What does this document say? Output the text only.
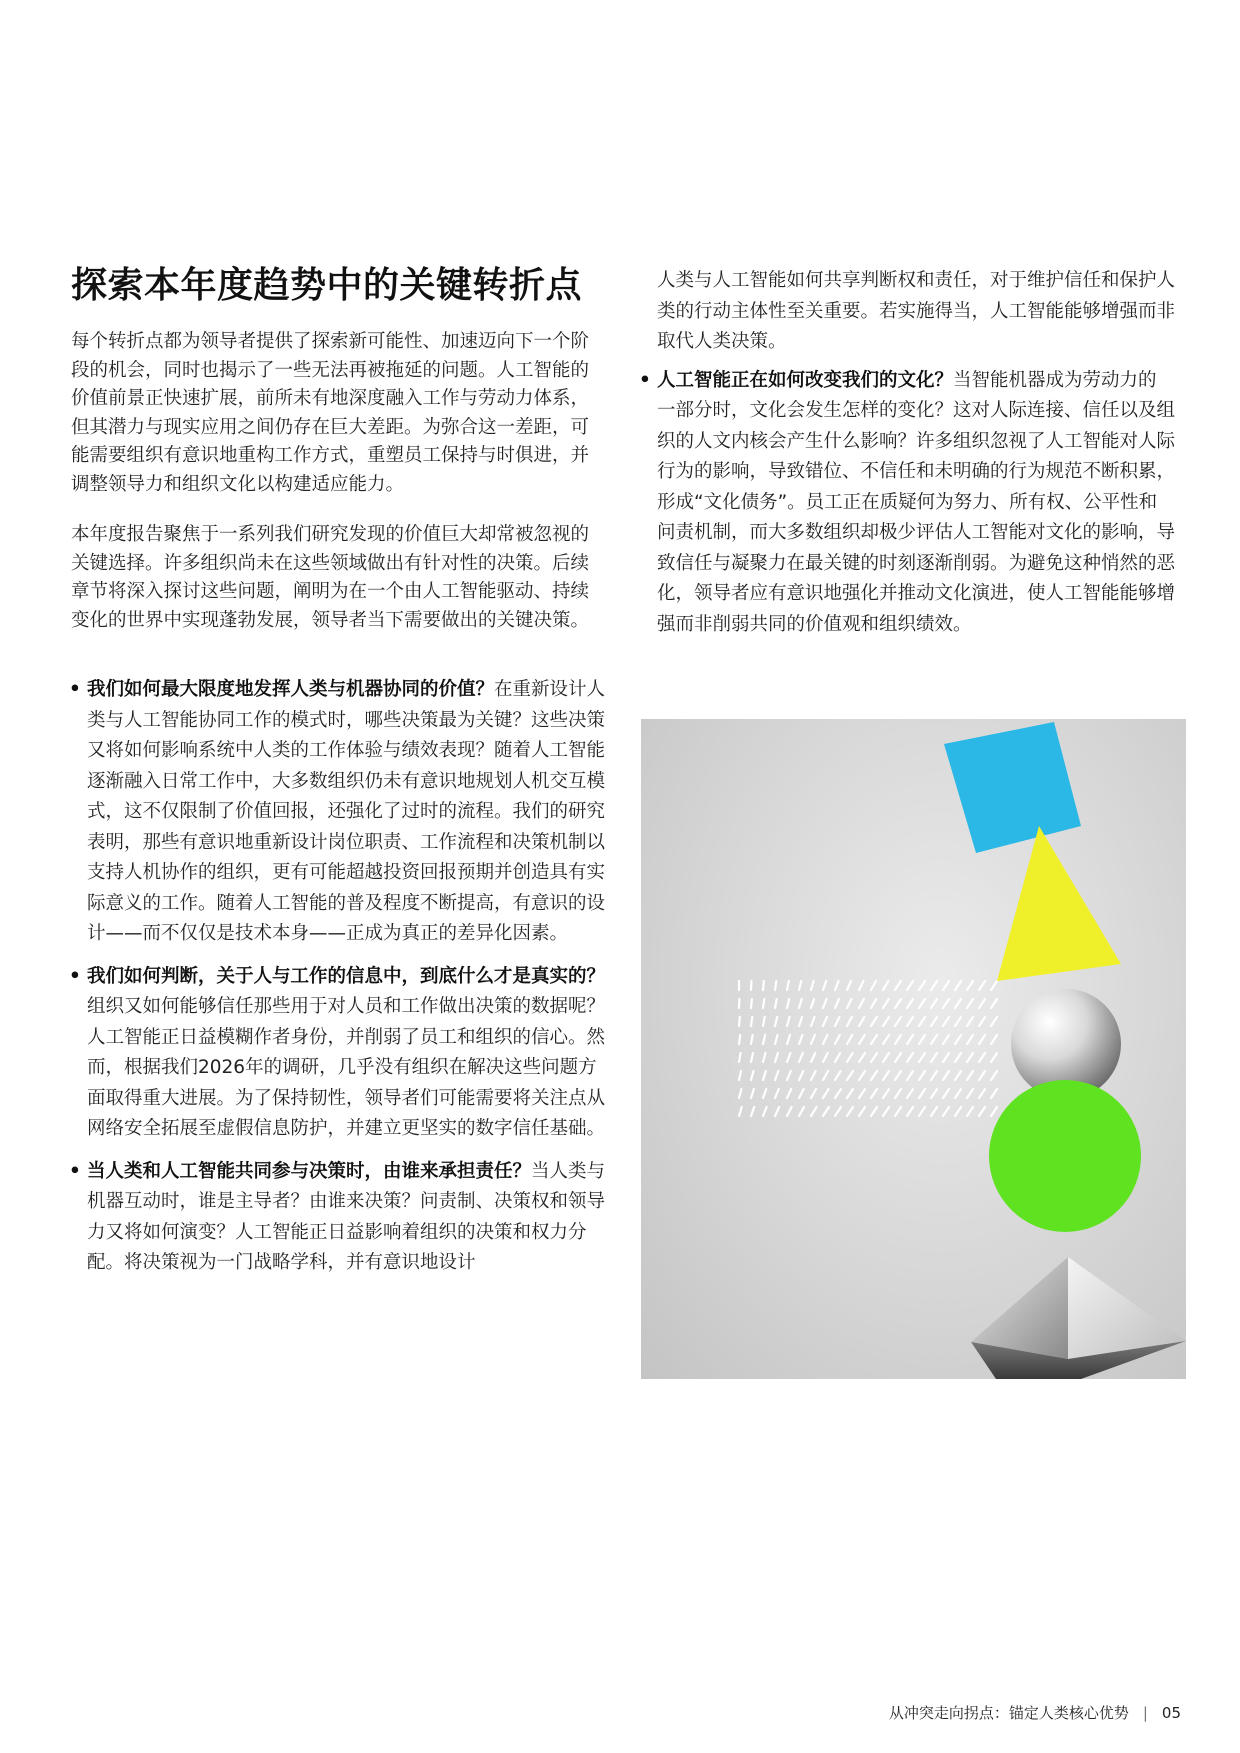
探索本年度趋势中的关键转折点

每个转折点都为领导者提供了探索新可能性、加速迈向下一个阶段的机会，同时也揭示了一些无法再被拖延的问题。人工智能的价值前景正快速扩展，前所未有地深度融入工作与劳动力体系，但其潜力与现实应用之间仍存在巨大差距。为弥合这一差距，可能需要组织有意识地重构工作方式，重塑员工保持与时俱进，并调整领导力和组织文化以构建适应能力。

本年度报告聚焦于一系列我们研究发现的价值巨大却常被忽视的关键选择。许多组织尚未在这些领域做出有针对性的决策。后续章节将深入探讨这些问题，阐明为在一个由人工智能驱动、持续变化的世界中实现蓬勃发展，领导者当下需要做出的关键决策。

• 我们如何最大限度地发挥人类与机器协同的价值？在重新设计人类与人工智能协同工作的模式时，哪些决策最为关键？这些决策又将如何影响系统中人类的工作体验与绩效表现？随着人工智能逐渐融入日常工作中，大多数组织仍未有意识地规划人机交互模式，这不仅限制了价值回报，还强化了过时的流程。我们的研究表明，那些有意识地重新设计岗位职责、工作流程和决策机制以支持人机协作的组织，更有可能超越投资回报预期并创造具有实际意义的工作。随着人工智能的普及程度不断提高，有意识的设计——而不仅仅是技术本身——正成为真正的差异化因素。
• 我们如何判断，关于人与工作的信息中，到底什么才是真实的？组织又如何能够信任那些用于对人员和工作做出决策的数据呢？人工智能正日益模糊作者身份，并削弱了员工和组织的信心。然而，根据我们2026年的调研，几乎没有组织在解决这些问题方面取得重大进展。为了保持韧性，领导者们可能需要将关注点从网络安全拓展至虚假信息防护，并建立更坚实的数字信任基础。
• 当人类和人工智能共同参与决策时，由谁来承担责任？当人类与机器互动时，谁是主导者？由谁来决策？问责制、决策权和领导力又将如何演变？人工智能正日益影响着组织的决策和权力分配。将决策视为一门战略学科，并有意识地设计

人类与人工智能如何共享判断权和责任，对于维护信任和保护人类的行动主体性至关重要。若实施得当，人工智能能够增强而非取代人类决策。

• 人工智能正在如何改变我们的文化？当智能机器成为劳动力的一部分时，文化会发生怎样的变化？这对人际连接、信任以及组织的人文内核会产生什么影响？许多组织忽视了人工智能对人际行为的影响，导致错位、不信任和未明确的行为规范不断积累，形成“文化债务”。员工正在质疑何为努力、所有权、公平性和问责机制，而大多数组织却极少评估人工智能对文化的影响，导致信任与凝聚力在最关键的时刻逐渐削弱。为避免这种悄然的恶化，领导者应有意识地强化并推动文化演进，使人工智能能够增强而非削弱共同的价值观和组织绩效。
从冲突走向拐点：锚定人类核心优势 | 05
